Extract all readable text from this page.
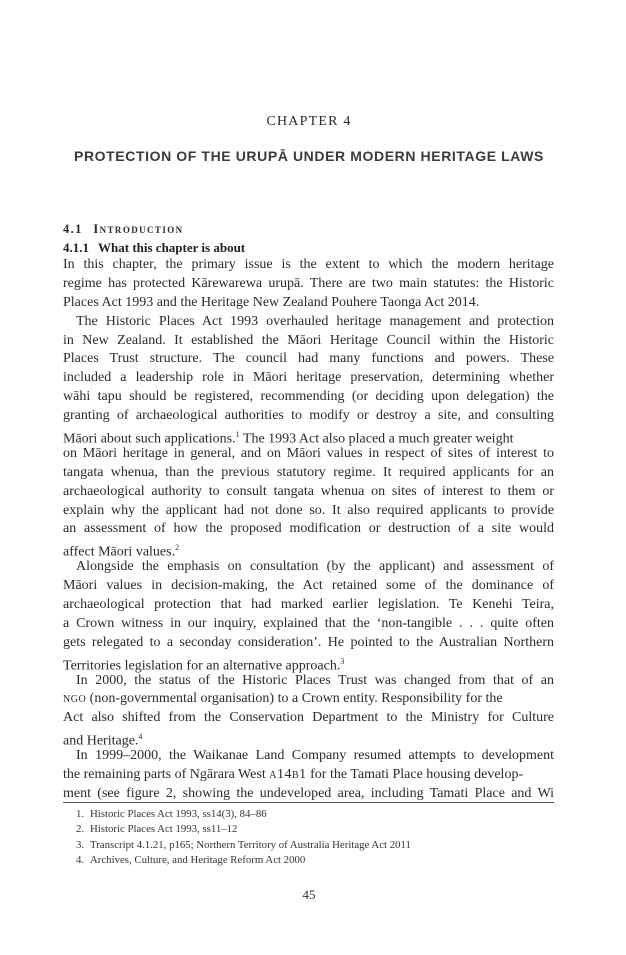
CHAPTER 4
PROTECTION OF THE URUPĀ UNDER MODERN HERITAGE LAWS
4.1 Introduction
4.1.1 What this chapter is about
In this chapter, the primary issue is the extent to which the modern heritage
regime has protected Kārewarewa urupā. There are two main statutes: the Historic
Places Act 1993 and the Heritage New Zealand Pouhere Taonga Act 2014.
The Historic Places Act 1993 overhauled heritage management and protection
in New Zealand. It established the Māori Heritage Council within the Historic
Places Trust structure. The council had many functions and powers. These
included a leadership role in Māori heritage preservation, determining whether
wāhi tapu should be registered, recommending (or deciding upon delegation) the
granting of archaeological authorities to modify or destroy a site, and consulting
Māori about such applications.$^1$ The 1993 Act also placed a much greater weight
on Māori heritage in general, and on Māori values in respect of sites of interest to
tangata whenua, than the previous statutory regime. It required applicants for an
archaeological authority to consult tangata whenua on sites of interest to them or
explain why the applicant had not done so. It also required applicants to provide
an assessment of how the proposed modification or destruction of a site would
affect Māori values.$^2$
Alongside the emphasis on consultation (by the applicant) and assessment of
Māori values in decision-making, the Act retained some of the dominance of
archaeological protection that had marked earlier legislation. Te Kenehi Teira,
a Crown witness in our inquiry, explained that the ‘non-tangible . . . quite often
gets relegated to a seconday consideration’. He pointed to the Australian Northern
Territories legislation for an alternative approach.$^3$
In 2000, the status of the Historic Places Trust was changed from that of an
ngo (non-governmental organisation) to a Crown entity. Responsibility for the
Act also shifted from the Conservation Department to the Ministry for Culture
and Heritage.$^4$
In 1999–2000, the Waikanae Land Company resumed attempts to development
the remaining parts of Ngārara West a14b1 for the Tamati Place housing develop-
ment (see figure 2, showing the undeveloped area, including Tamati Place and Wi
1. Historic Places Act 1993, ss14(3), 84–86
2. Historic Places Act 1993, ss11–12
3. Transcript 4.1.21, p165; Northern Territory of Australia Heritage Act 2011
4. Archives, Culture, and Heritage Reform Act 2000
45
